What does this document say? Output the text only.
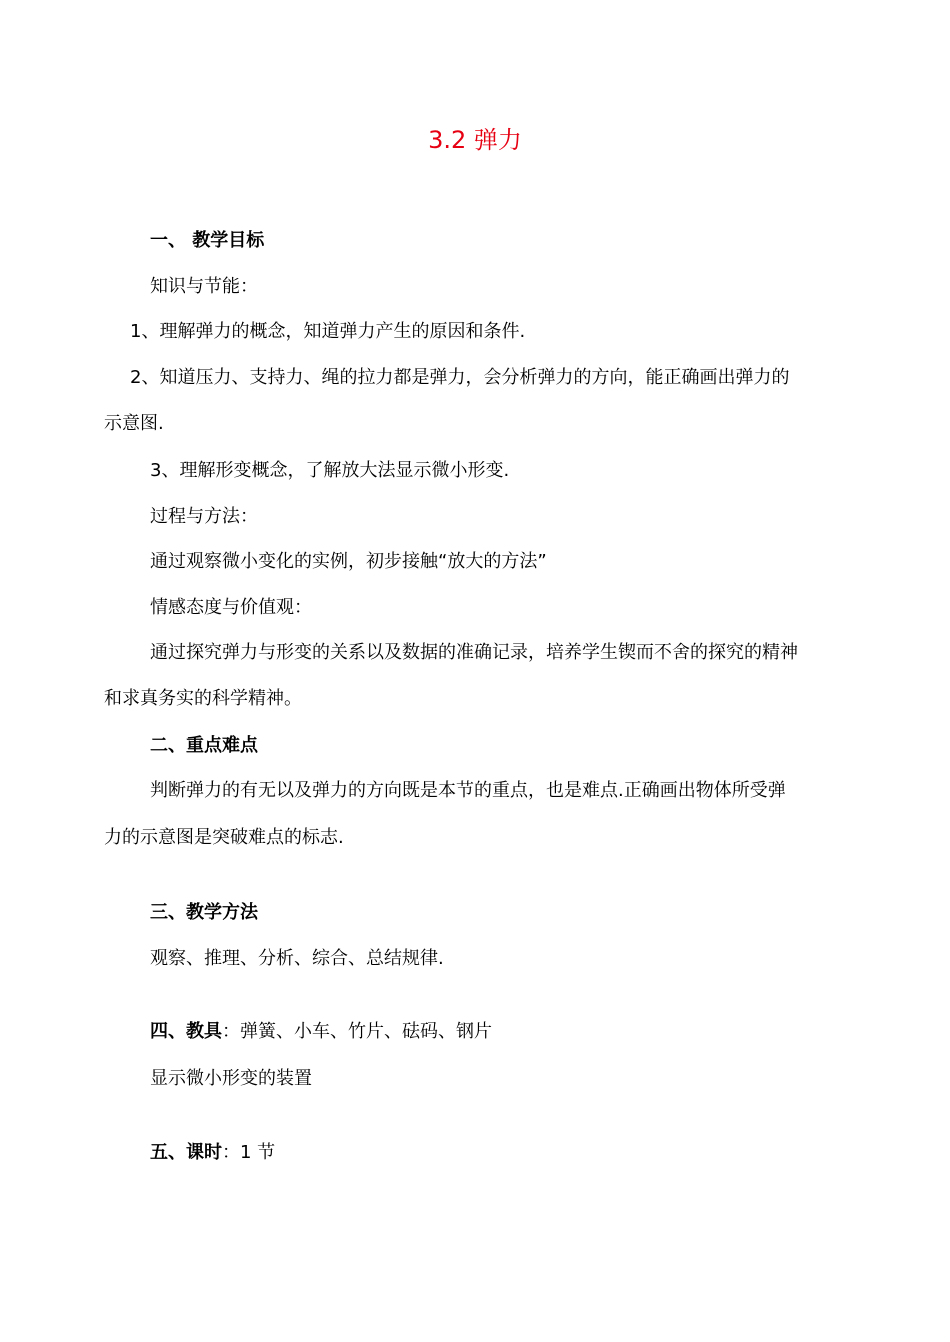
3.2 弹力
一、 教学目标
知识与节能：
1、理解弹力的概念，知道弹力产生的原因和条件.
2、知道压力、支持力、绳的拉力都是弹力，会分析弹力的方向，能正确画出弹力的
示意图.
3、理解形变概念，了解放大法显示微小形变.
过程与方法：
通过观察微小变化的实例，初步接触“放大的方法”
情感态度与价值观：
通过探究弹力与形变的关系以及数据的准确记录，培养学生锲而不舍的探究的精神
和求真务实的科学精神。
二、重点难点
判断弹力的有无以及弹力的方向既是本节的重点，也是难点.正确画出物体所受弹
力的示意图是突破难点的标志.
三、教学方法
观察、推理、分析、综合、总结规律.
四、教具：弹簧、小车、竹片、砝码、钢片
显示微小形变的装置
五、课时：1 节
